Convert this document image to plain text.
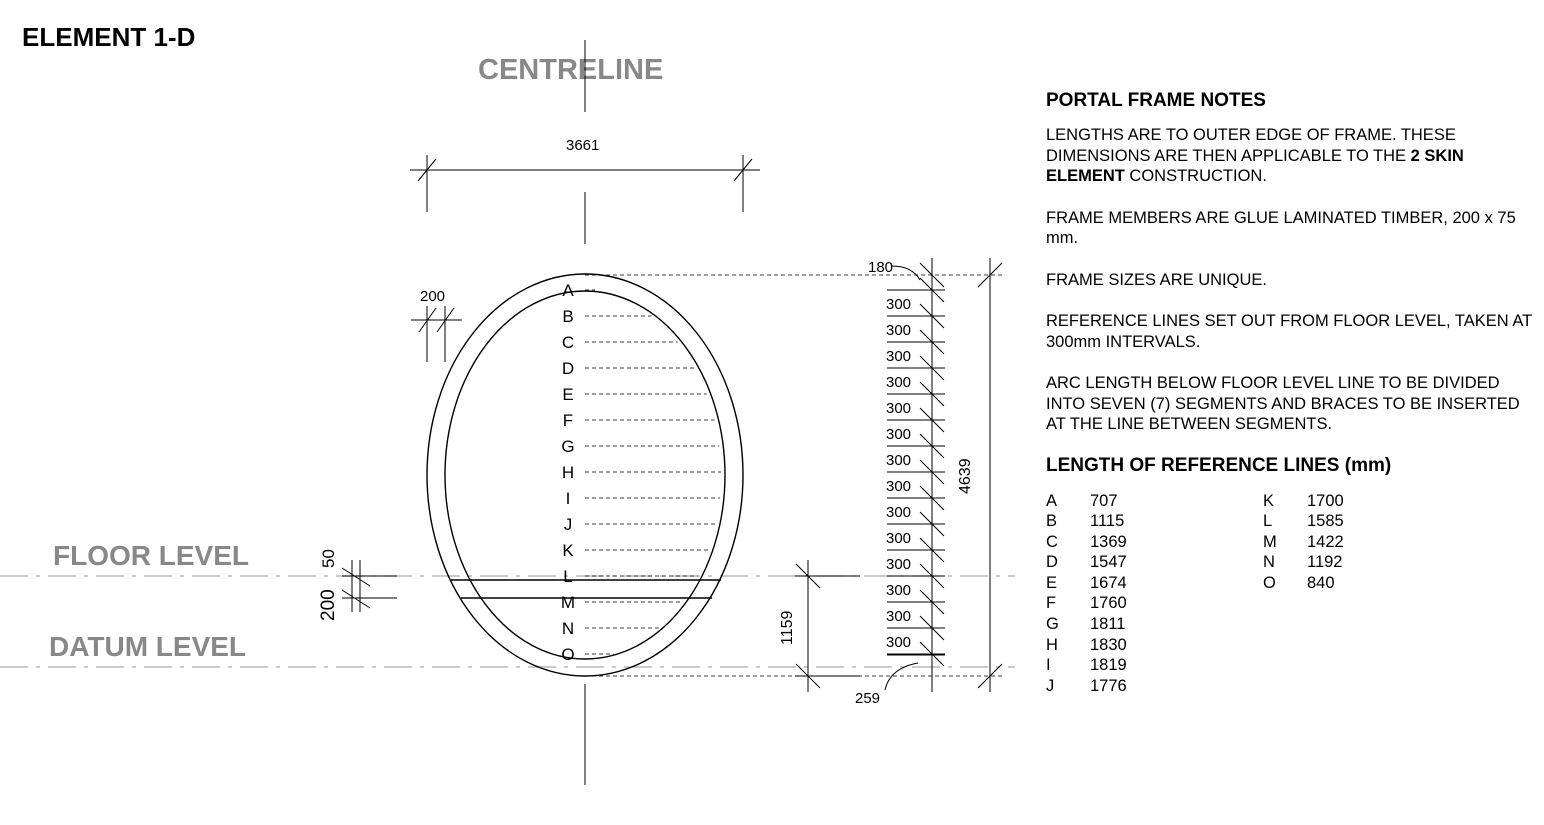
ELEMENT 1-D
CENTRELINE
FLOOR LEVEL
DATUM LEVEL
A
B
C
D
E
F
G
H
I
J
K
L
M
N
O
3661
200
50
200
300
300
300
300
300
300
300
300
300
300
300
300
300
300
4639
180
259
1159
PORTAL FRAME NOTES

LENGTHS ARE TO OUTER EDGE OF FRAME. THESE DIMENSIONS ARE THEN APPLICABLE TO THE 2 SKIN ELEMENT CONSTRUCTION.

FRAME MEMBERS ARE GLUE LAMINATED TIMBER, 200 x 75 mm.

FRAME SIZES ARE UNIQUE.

REFERENCE LINES SET OUT FROM FLOOR LEVEL, TAKEN AT 300mm INTERVALS.

ARC LENGTH BELOW FLOOR LEVEL LINE TO BE DIVIDED INTO SEVEN (7) SEGMENTS AND BRACES TO BE INSERTED AT THE LINE BETWEEN SEGMENTS.

LENGTH OF REFERENCE LINES (mm)
A	707
B	1115
C	1369
D	1547
E	1674
F	1760
G	1811
H	1830
I	1819
J	1776
K	1700
L	1585
M	1422
N	1192
O	840
